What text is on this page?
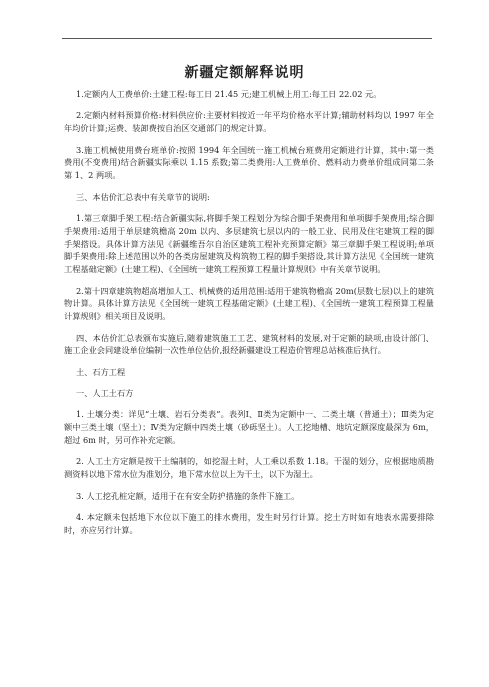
新疆定额解释说明

1.定额内人工费单价:土建工程:每工日 21.45 元;建工机械上用工:每工日 22.02 元。

2.定额内材料预算价格:材料供应价:主要材料按近一年平均价格水平计算;辅助材料均以 1997 年全年均价计算;运费、装卸费按自治区交通部门的规定计算。

3.施工机械使用费台班单价:按照 1994 年全国统一施工机械台班费用定额进行计算，其中:第一类费用(不变费用)结合新疆实际乘以 1.15 系数;第二类费用:人工费单价、燃料动力费单价组成同第二条第 1、2 两项。

三、本估价汇总表中有关章节的说明:

1.第三章脚手架工程:结合新疆实际,将脚手架工程划分为综合脚手架费用和单项脚手架费用;综合脚手架费用:适用于单层建筑檐高 20m 以内、多层建筑七层以内的一般工业、民用及住宅建筑工程的脚手架搭设。具体计算方法见《新疆维吾尔自治区建筑工程补充预算定额》第三章脚手架工程说明;单项脚手架费用:除上述范围以外的各类房屋建筑及构筑物工程的脚手架搭设,其计算方法见《全国统一建筑工程基础定额》(土建工程)、《全国统一建筑工程预算工程量计算规则》中有关章节说明。

2.第十四章建筑物超高增加人工、机械费的适用范围:适用于建筑物檐高 20m(层数七层)以上的建筑物计算。具体计算方法见《全国统一建筑工程基础定额》(土建工程)、《全国统一建筑工程预算工程量计算规则》相关项目及说明。

四、本估价汇总表颁布实施后,随着建筑施工工艺、建筑材料的发展,对于定额的缺项,由设计部门、施工企业会同建设单位编制一次性单位估价,报经新疆建设工程造价管理总站核准后执行。

土、石方工程

一、人工土石方

1. 土壤分类：详见“土壤、岩石分类表”。表列Ⅰ、Ⅱ类为定额中一、二类土壤（普通土）；Ⅲ类为定额中三类土壤（坚土）；Ⅳ类为定额中四类土壤（砂砾坚土）。人工挖地槽、地坑定额深度最深为 6m，超过 6m 时，另可作补充定额。

2. 人工土方定额是按干土编制的，如挖湿土时，人工乘以系数 1.18。干湿的划分，应根据地质勘测资料以地下常水位为准划分，地下常水位以上为干土，以下为湿土。

3. 人工挖孔桩定额，适用于在有安全防护措施的条件下施工。

4. 本定额未包括地下水位以下施工的排水费用，发生时另行计算。挖土方时如有地表水需要排除时，亦应另行计算。
